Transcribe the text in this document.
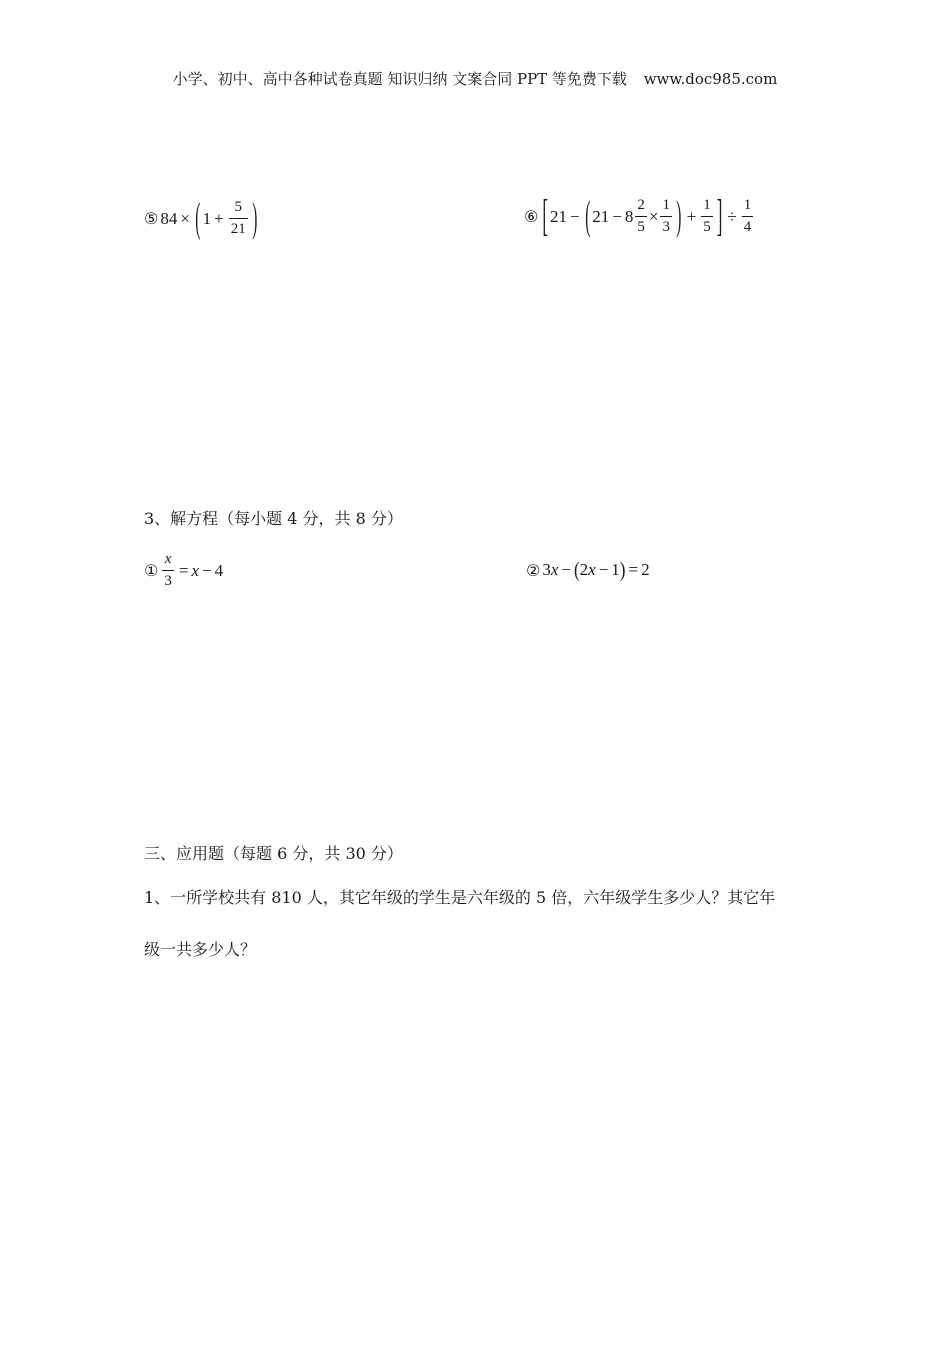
小学、初中、高中各种试卷真题 知识归纳 文案合同 PPT 等免费下载 www.doc985.com
⑤ 84 × ( $1 + \frac{5}{21}$ )	⑥ [ 21 − ( $21 - 8 \frac{2}{5} \times \frac{1}{3}$ ) + $\frac{1}{5}$ ] ÷ $\frac{1}{4}$
3、解方程（每小题 4 分，共 8 分）
① $\frac{x}{3} = x - 4$	② 3 x − ( 2 x − 1 ) = 2
三、应用题（每题 6 分，共 30 分）
1、一所学校共有 810 人，其它年级的学生是六年级的 5 倍，六年级学生多少人？其它年
级一共多少人？
